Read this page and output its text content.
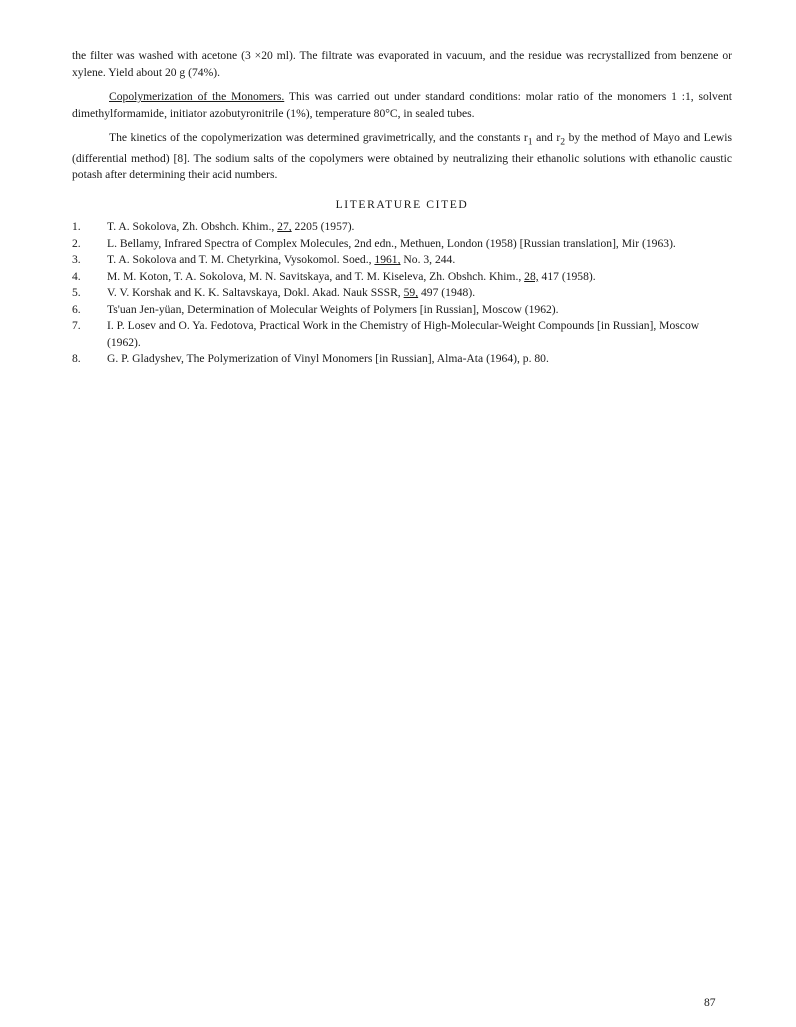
the filter was washed with acetone (3 ×20 ml). The filtrate was evaporated in vacuum, and the residue was recrystallized from benzene or xylene. Yield about 20 g (74%).

Copolymerization of the Monomers. This was carried out under standard conditions: molar ratio of the monomers 1 :1, solvent dimethylformamide, initiator azobutyronitrile (1%), temperature 80°C, in sealed tubes.

The kinetics of the copolymerization was determined gravimetrically, and the constants $r_1$ and $r_2$ by the method of Mayo and Lewis (differential method) [8]. The sodium salts of the copolymers were obtained by neutralizing their ethanolic solutions with ethanolic caustic potash after determining their acid numbers.

LITERATURE CITED
1. T. A. Sokolova, Zh. Obshch. Khim., 27, 2205 (1957).
2. L. Bellamy, Infrared Spectra of Complex Molecules, 2nd edn., Methuen, London (1958) [Russian translation], Mir (1963).
3. T. A. Sokolova and T. M. Chetyrkina, Vysokomol. Soed., 1961, No. 3, 244.
4. M. M. Koton, T. A. Sokolova, M. N. Savitskaya, and T. M. Kiseleva, Zh. Obshch. Khim., 28, 417 (1958).
5. V. V. Korshak and K. K. Saltavskaya, Dokl. Akad. Nauk SSSR, 59, 497 (1948).
6. Ts'uan Jen-yüan, Determination of Molecular Weights of Polymers [in Russian], Moscow (1962).
7. I. P. Losev and O. Ya. Fedotova, Practical Work in the Chemistry of High-Molecular-Weight Compounds [in Russian], Moscow (1962).
8. G. P. Gladyshev, The Polymerization of Vinyl Monomers [in Russian], Alma-Ata (1964), p. 80.
87
